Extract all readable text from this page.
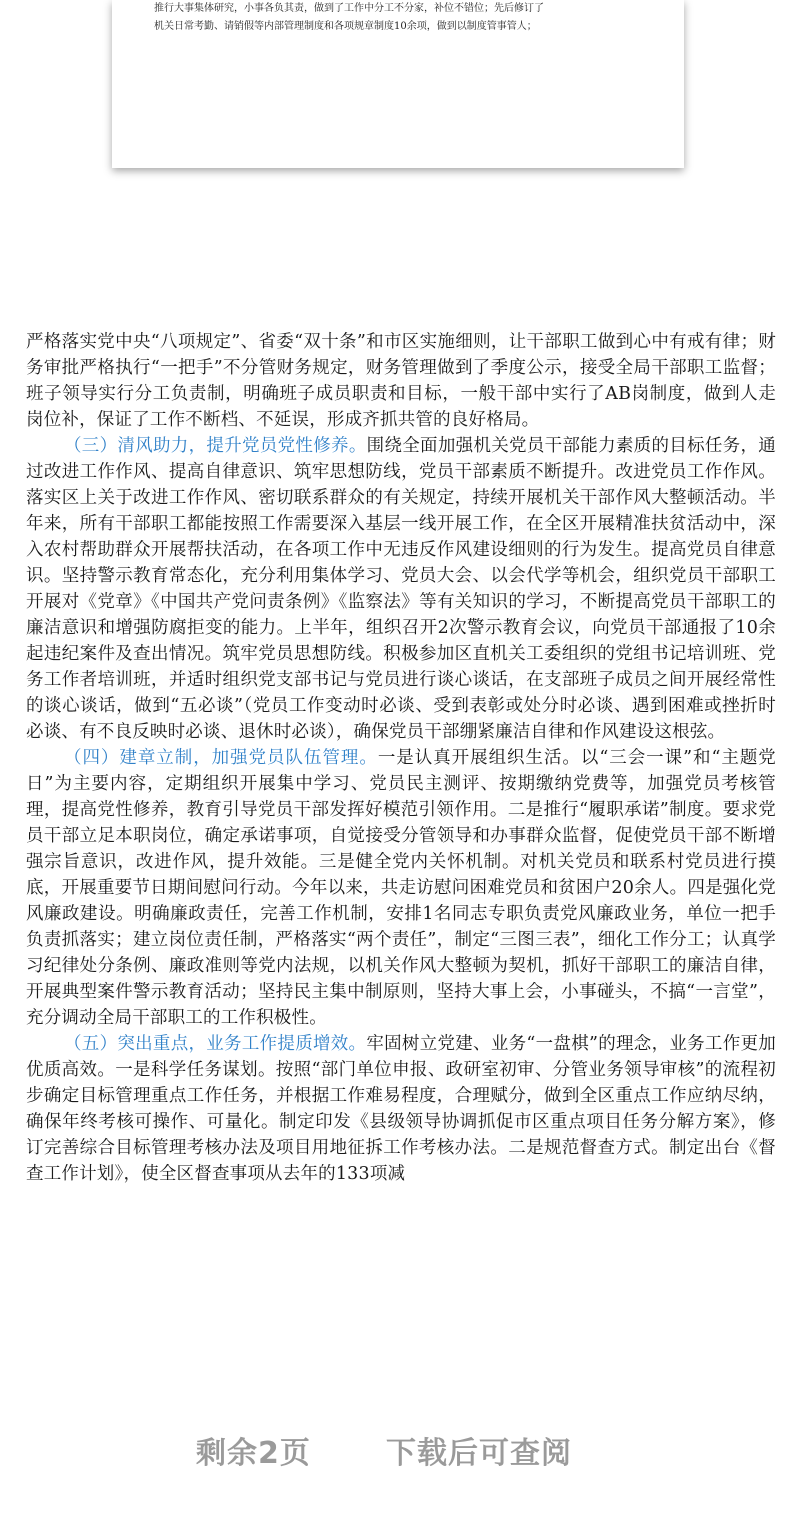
推行大事集体研究，小事各负其责，做到了工作中分工不分家，补位不错位；先后修订了

机关日常考勤、请销假等内部管理制度和各项规章制度10余项，做到以制度管事管人；

严格落实党中央“八项规定”、省委“双十条”和市区实施细则，让干部职工做到心中有戒有律；财务审批严格执行“一把手”不分管财务规定，财务管理做到了季度公示，接受全局干部职工监督；班子领导实行分工负责制，明确班子成员职责和目标，一般干部中实行了AB岗制度，做到人走岗位补，保证了工作不断档、不延误，形成齐抓共管的良好格局。

（三）清风助力，提升党员党性修养。围绕全面加强机关党员干部能力素质的目标任务，通过改进工作作风、提高自律意识、筑牢思想防线，党员干部素质不断提升。改进党员工作作风。落实区上关于改进工作作风、密切联系群众的有关规定，持续开展机关干部作风大整顿活动。半年来，所有干部职工都能按照工作需要深入基层一线开展工作，在全区开展精准扶贫活动中，深入农村帮助群众开展帮扶活动，在各项工作中无违反作风建设细则的行为发生。提高党员自律意识。坚持警示教育常态化，充分利用集体学习、党员大会、以会代学等机会，组织党员干部职工开展对《党章》《中国共产党问责条例》《监察法》等有关知识的学习，不断提高党员干部职工的廉洁意识和增强防腐拒变的能力。上半年，组织召开2次警示教育会议，向党员干部通报了10余起违纪案件及查出情况。筑牢党员思想防线。积极参加区直机关工委组织的党组书记培训班、党务工作者培训班，并适时组织党支部书记与党员进行谈心谈话，在支部班子成员之间开展经常性的谈心谈话，做到“五必谈”（党员工作变动时必谈、受到表彰或处分时必谈、遇到困难或挫折时必谈、有不良反映时必谈、退休时必谈），确保党员干部绷紧廉洁自律和作风建设这根弦。

（四）建章立制，加强党员队伍管理。一是认真开展组织生活。以“三会一课”和“主题党日”为主要内容，定期组织开展集中学习、党员民主测评、按期缴纳党费等，加强党员考核管理，提高党性修养，教育引导党员干部发挥好模范引领作用。二是推行“履职承诺”制度。要求党员干部立足本职岗位，确定承诺事项，自觉接受分管领导和办事群众监督，促使党员干部不断增强宗旨意识，改进作风，提升效能。三是健全党内关怀机制。对机关党员和联系村党员进行摸底，开展重要节日期间慰问行动。今年以来，共走访慰问困难党员和贫困户20余人。四是强化党风廉政建设。明确廉政责任，完善工作机制，安排1名同志专职负责党风廉政业务，单位一把手负责抓落实；建立岗位责任制，严格落实“两个责任”，制定“三图三表”，细化工作分工；认真学习纪律处分条例、廉政准则等党内法规，以机关作风大整顿为契机，抓好干部职工的廉洁自律，开展典型案件警示教育活动；坚持民主集中制原则，坚持大事上会，小事碰头，不搞“一言堂”，充分调动全局干部职工的工作积极性。

（五）突出重点，业务工作提质增效。牢固树立党建、业务“一盘棋”的理念，业务工作更加优质高效。一是科学任务谋划。按照“部门单位申报、政研室初审、分管业务领导审核”的流程初步确定目标管理重点工作任务，并根据工作难易程度，合理赋分，做到全区重点工作应纳尽纳，确保年终考核可操作、可量化。制定印发《县级领导协调抓促市区重点项目任务分解方案》，修订完善综合目标管理考核办法及项目用地征拆工作考核办法。二是规范督查方式。制定出台《督查工作计划》，使全区督查事项从去年的133项减

剩余2页	下载后可查阅
